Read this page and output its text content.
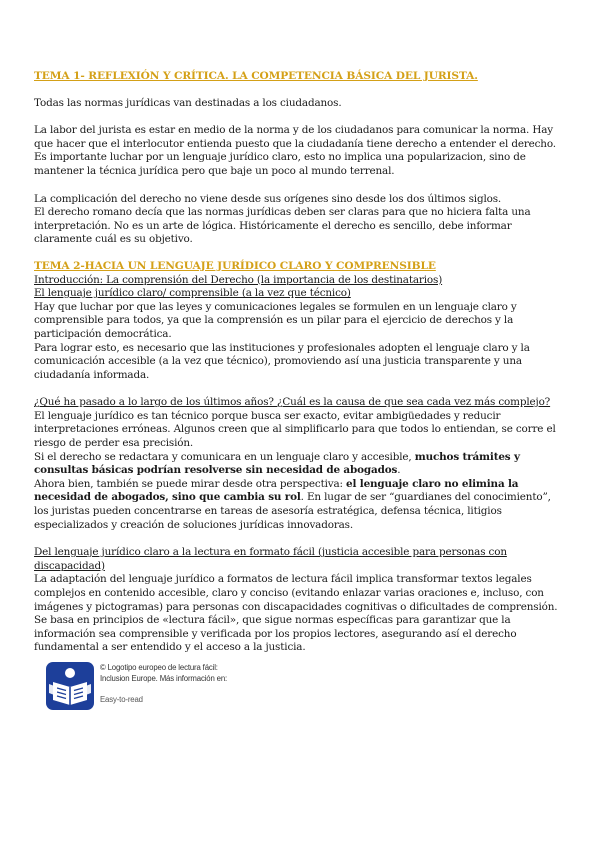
TEMA 1- REFLEXIÓN Y CRÍTICA. LA COMPETENCIA BÁSICA DEL JURISTA.

Todas las normas jurídicas van destinadas a los ciudadanos.

La labor del jurista es estar en medio de la norma y de los ciudadanos para comunicar la norma. Hay que hacer que el interlocutor entienda puesto que la ciudadanía tiene derecho a entender el derecho.

Es importante luchar por un lenguaje jurídico claro, esto no implica una popularizacion, sino de mantener la técnica jurídica pero que baje un poco al mundo terrenal.

La complicación del derecho no viene desde sus orígenes sino desde los dos últimos siglos.

El derecho romano decía que las normas jurídicas deben ser claras para que no hiciera falta una interpretación. No es un arte de lógica. Históricamente el derecho es sencillo, debe informar claramente cuál es su objetivo.

TEMA 2-HACIA UN LENGUAJE JURÍDICO CLARO Y COMPRENSIBLE

Introducción: La comprensión del Derecho (la importancia de los destinatarios)

El lenguaje jurídico claro/ comprensible (a la vez que técnico)

Hay que luchar por que las leyes y comunicaciones legales se formulen en un lenguaje claro y comprensible para todos, ya que la comprensión es un pilar para el ejercicio de derechos y la participación democrática.

Para lograr esto, es necesario que las instituciones y profesionales adopten el lenguaje claro y la comunicación accesible (a la vez que técnico), promoviendo así una justicia transparente y una ciudadanía informada.

¿Qué ha pasado a lo largo de los últimos años? ¿Cuál es la causa de que sea cada vez más complejo?

El lenguaje jurídico es tan técnico porque busca ser exacto, evitar ambigüedades y reducir interpretaciones erróneas. Algunos creen que al simplificarlo para que todos lo entiendan, se corre el riesgo de perder esa precisión.

Si el derecho se redactara y comunicara en un lenguaje claro y accesible, muchos trámites y consultas básicas podrían resolverse sin necesidad de abogados.

Ahora bien, también se puede mirar desde otra perspectiva: el lenguaje claro no elimina la necesidad de abogados, sino que cambia su rol. En lugar de ser “guardianes del conocimiento”, los juristas pueden concentrarse en tareas de asesoría estratégica, defensa técnica, litigios especializados y creación de soluciones jurídicas innovadoras.

Del lenguaje jurídico claro a la lectura en formato fácil (justicia accesible para personas con discapacidad)

La adaptación del lenguaje jurídico a formatos de lectura fácil implica transformar textos legales complejos en contenido accesible, claro y conciso (evitando enlazar varias oraciones e, incluso, con imágenes y pictogramas) para personas con discapacidades cognitivas o dificultades de comprensión. Se basa en principios de «lectura fácil», que sigue normas específicas para garantizar que la información sea comprensible y verificada por los propios lectores, asegurando así el derecho fundamental a ser entendido y el acceso a la justicia.

© Logotipo europeo de lectura fácil:
Inclusion Europe. Más información en:
Easy-to-read
